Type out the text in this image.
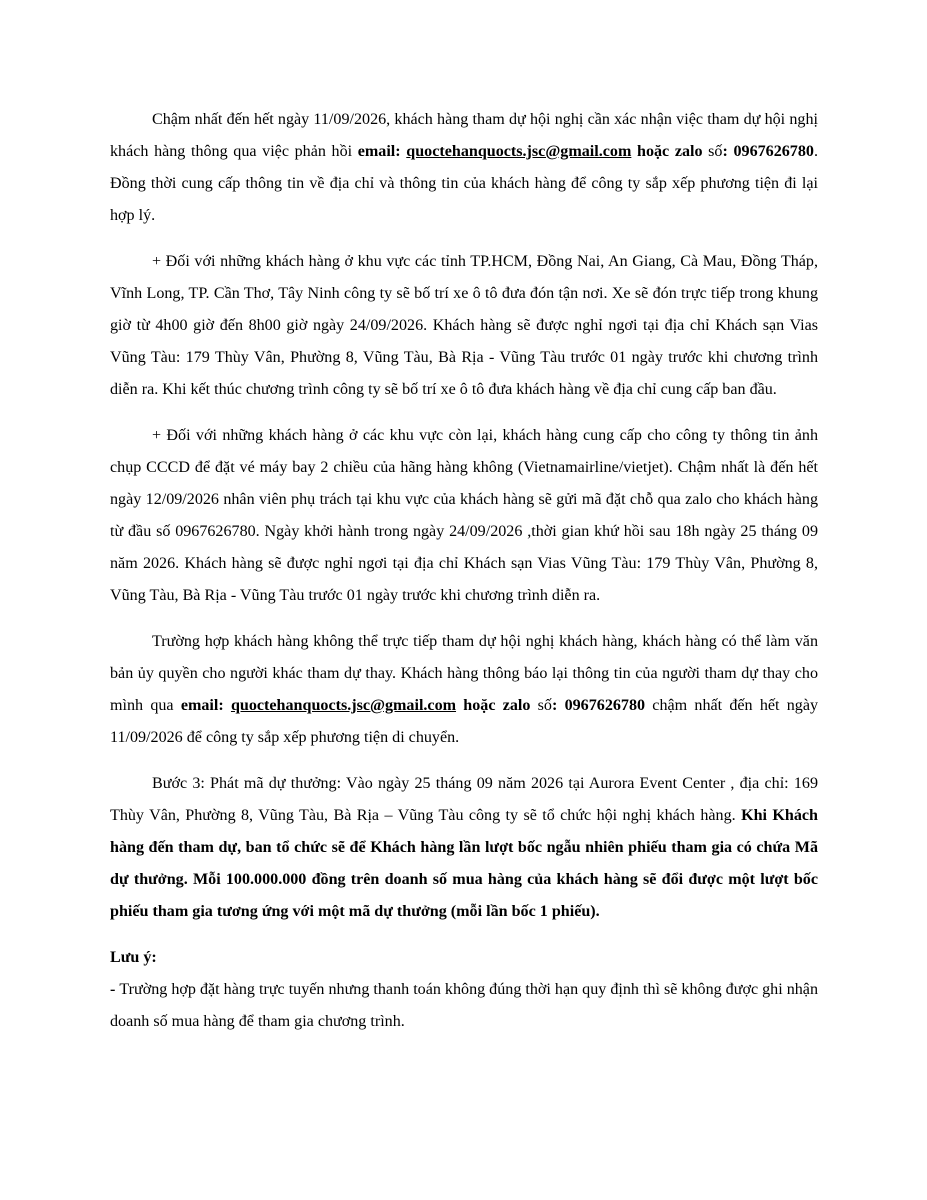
Chậm nhất đến hết ngày 11/09/2026, khách hàng tham dự hội nghị cần xác nhận việc tham dự hội nghị khách hàng thông qua việc phản hồi email: quoctehanquocts.jsc@gmail.com hoặc zalo số: 0967626780. Đồng thời cung cấp thông tin về địa chỉ và thông tin của khách hàng để công ty sắp xếp phương tiện đi lại hợp lý.

+ Đối với những khách hàng ở khu vực các tỉnh TP.HCM, Đồng Nai, An Giang, Cà Mau, Đồng Tháp, Vĩnh Long, TP. Cần Thơ, Tây Ninh công ty sẽ bố trí xe ô tô đưa đón tận nơi. Xe sẽ đón trực tiếp trong khung giờ từ 4h00 giờ đến 8h00 giờ ngày 24/09/2026. Khách hàng sẽ được nghỉ ngơi tại địa chỉ Khách sạn Vias Vũng Tàu: 179 Thùy Vân, Phường 8, Vũng Tàu, Bà Rịa - Vũng Tàu trước 01 ngày trước khi chương trình diễn ra. Khi kết thúc chương trình công ty sẽ bố trí xe ô tô đưa khách hàng về địa chỉ cung cấp ban đầu.

+ Đối với những khách hàng ở các khu vực còn lại, khách hàng cung cấp cho công ty thông tin ảnh chụp CCCD để đặt vé máy bay 2 chiều của hãng hàng không (Vietnamairline/vietjet). Chậm nhất là đến hết ngày 12/09/2026 nhân viên phụ trách tại khu vực của khách hàng sẽ gửi mã đặt chỗ qua zalo cho khách hàng từ đầu số 0967626780. Ngày khởi hành trong ngày 24/09/2026 ,thời gian khứ hồi sau 18h ngày 25 tháng 09 năm 2026. Khách hàng sẽ được nghỉ ngơi tại địa chỉ Khách sạn Vias Vũng Tàu: 179 Thùy Vân, Phường 8, Vũng Tàu, Bà Rịa - Vũng Tàu trước 01 ngày trước khi chương trình diễn ra.

Trường hợp khách hàng không thể trực tiếp tham dự hội nghị khách hàng, khách hàng có thể làm văn bản ủy quyền cho người khác tham dự thay. Khách hàng thông báo lại thông tin của người tham dự thay cho mình qua email: quoctehanquocts.jsc@gmail.com hoặc zalo số: 0967626780 chậm nhất đến hết ngày 11/09/2026 để công ty sắp xếp phương tiện di chuyển.

Bước 3: Phát mã dự thưởng: Vào ngày 25 tháng 09 năm 2026 tại Aurora Event Center , địa chỉ: 169 Thùy Vân, Phường 8, Vũng Tàu, Bà Rịa – Vũng Tàu công ty sẽ tổ chức hội nghị khách hàng. Khi Khách hàng đến tham dự, ban tổ chức sẽ để Khách hàng lần lượt bốc ngẫu nhiên phiếu tham gia có chứa Mã dự thưởng. Mỗi 100.000.000 đồng trên doanh số mua hàng của khách hàng sẽ đổi được một lượt bốc phiếu tham gia tương ứng với một mã dự thưởng (mỗi lần bốc 1 phiếu).

Lưu ý:

- Trường hợp đặt hàng trực tuyến nhưng thanh toán không đúng thời hạn quy định thì sẽ không được ghi nhận doanh số mua hàng để tham gia chương trình.
